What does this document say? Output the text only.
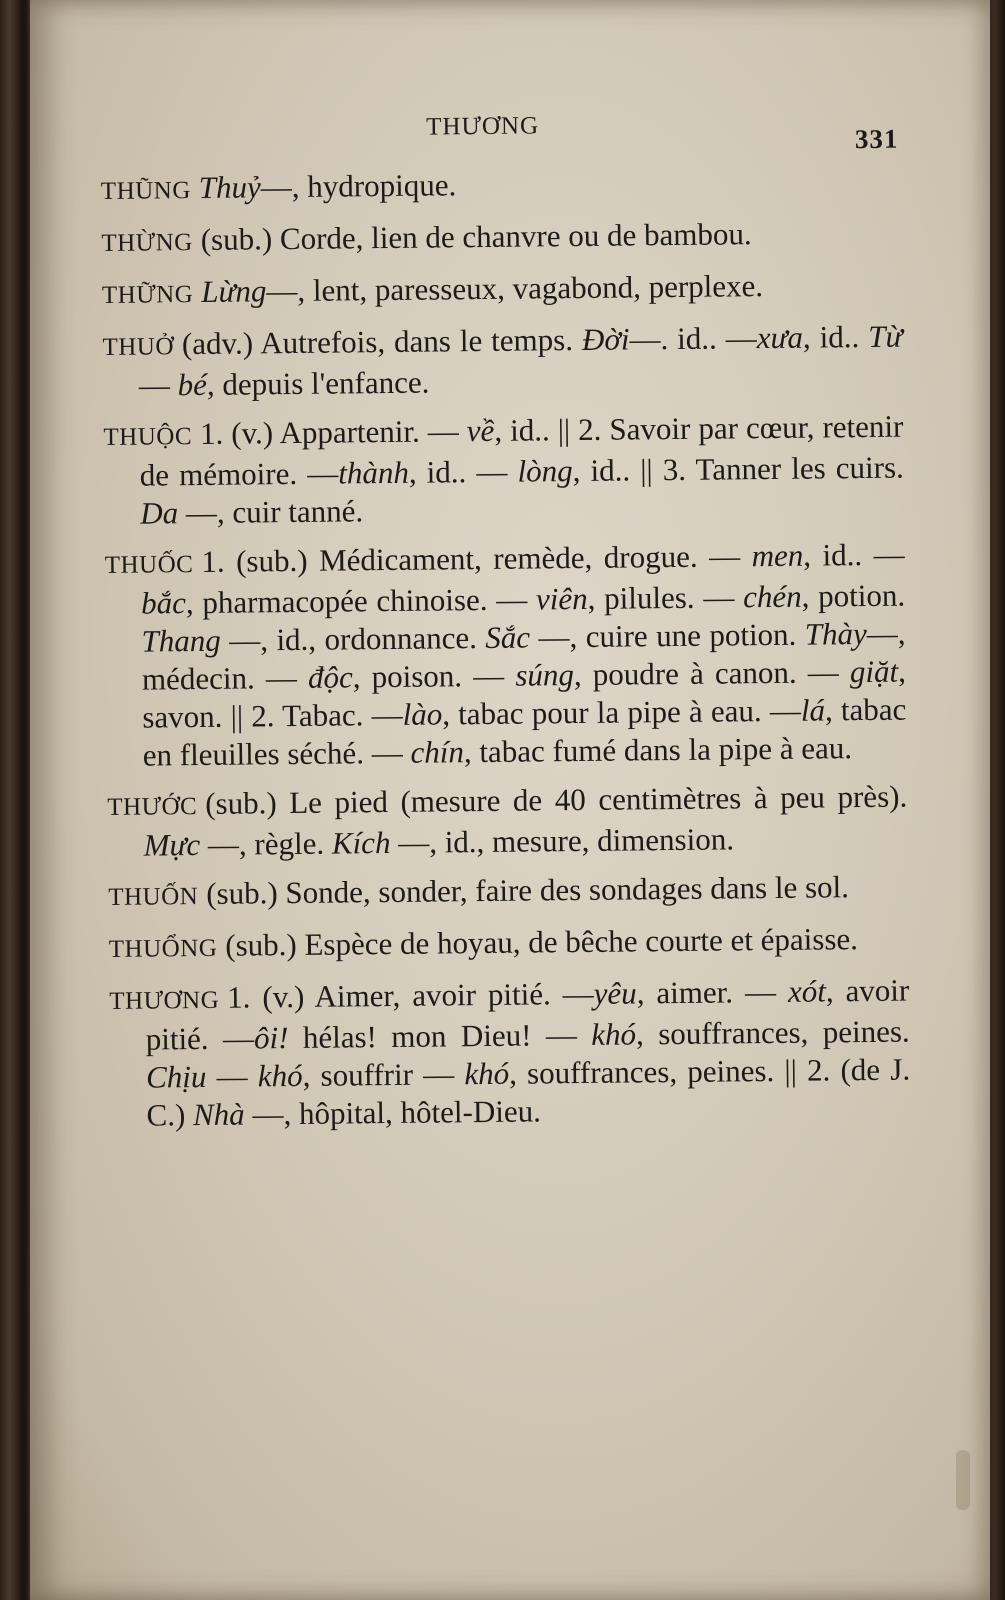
THƯƠNG	331

THŨNG Thuỷ—, hydropique.

THỪNG (sub.) Corde, lien de chanvre ou de bambou.

THỮNG Lừng—, lent, paresseux, vagabond, perplexe.

THUỞ (adv.) Autrefois, dans le temps. Đời—. id.. —xưa, id.. Từ — bé, depuis l'enfance.

THUỘC 1. (v.) Appartenir. — về, id.. || 2. Savoir par cœur, retenir de mémoire. —thành, id.. — lòng, id.. || 3. Tanner les cuirs. Da —, cuir tanné.

THUỐC 1. (sub.) Médicament, remède, drogue. — men, id.. — bắc, pharmacopée chinoise. — viên, pilules. — chén, potion. Thang —, id., ordonnance. Sắc —, cuire une potion. Thày—, médecin. — độc, poison. — súng, poudre à canon. — giặt, savon. || 2. Tabac. —lào, tabac pour la pipe à eau. —lá, tabac en fleuilles séché. — chín, tabac fumé dans la pipe à eau.

THƯỚC (sub.) Le pied (mesure de 40 centimètres à peu près). Mực —, règle. Kích —, id., mesure, dimension.

THUỐN (sub.) Sonde, sonder, faire des sondages dans le sol.

THUỔNG (sub.) Espèce de hoyau, de bêche courte et épaisse.

THƯƠNG 1. (v.) Aimer, avoir pitié. —yêu, aimer. — xót, avoir pitié. —ôi! hélas! mon Dieu! — khó, souffrances, peines. Chịu — khó, souffrir — khó, souffrances, peines. || 2. (de J. C.) Nhà —, hôpital, hôtel-Dieu.
